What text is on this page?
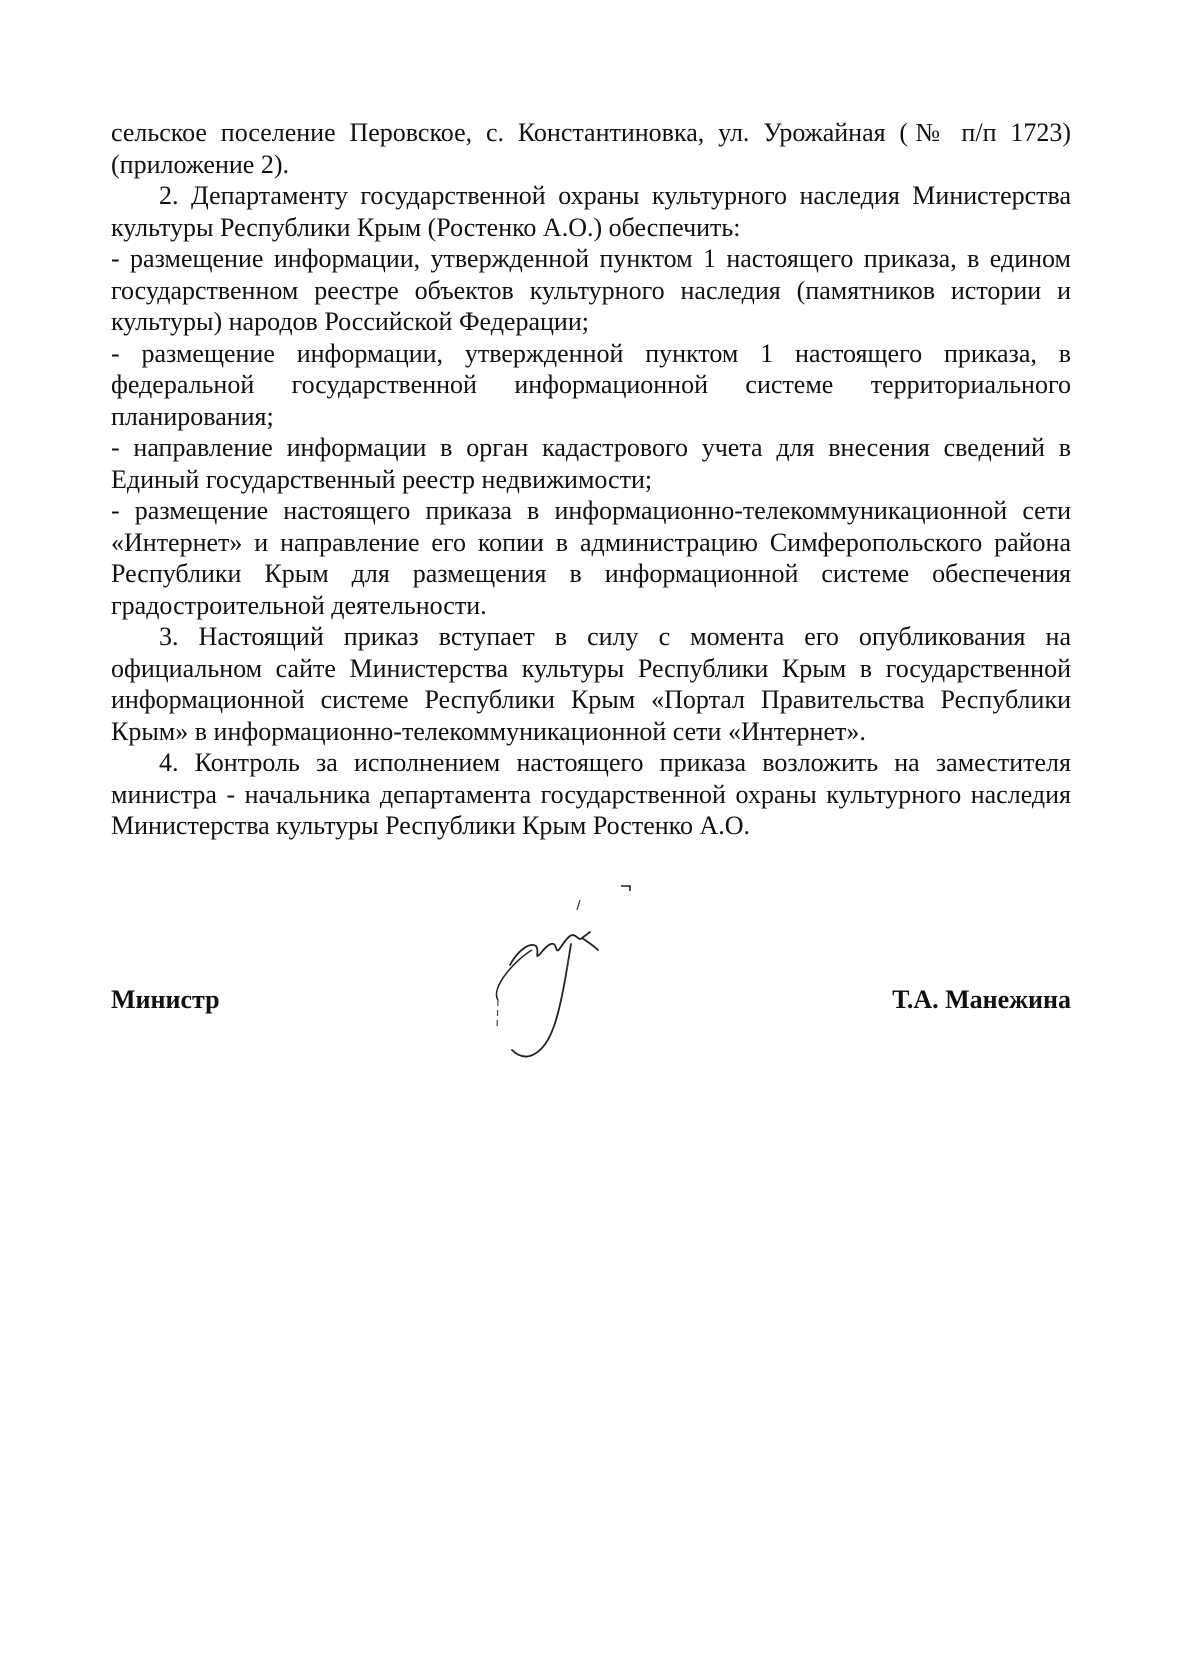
сельское поселение Перовское, с. Константиновка, ул. Урожайная (№ п/п 1723) (приложение 2).

2. Департаменту государственной охраны культурного наследия Министерства культуры Республики Крым (Ростенко А.О.) обеспечить:

- размещение информации, утвержденной пунктом 1 настоящего приказа, в едином государственном реестре объектов культурного наследия (памятников истории и культуры) народов Российской Федерации;

- размещение информации, утвержденной пунктом 1 настоящего приказа, в федеральной государственной информационной системе территориального планирования;

- направление информации в орган кадастрового учета для внесения сведений в Единый государственный реестр недвижимости;

- размещение настоящего приказа в информационно-телекоммуникационной сети «Интернет» и направление его копии в администрацию Симферопольского района Республики Крым для размещения в информационной системе обеспечения градостроительной деятельности.

3. Настоящий приказ вступает в силу с момента его опубликования на официальном сайте Министерства культуры Республики Крым в государственной информационной системе Республики Крым «Портал Правительства Республики Крым» в информационно-телекоммуникационной сети «Интернет».

4. Контроль за исполнением настоящего приказа возложить на заместителя министра - начальника департамента государственной охраны культурного наследия Министерства культуры Республики Крым Ростенко А.О.

Министр	Т.А. Манежина
